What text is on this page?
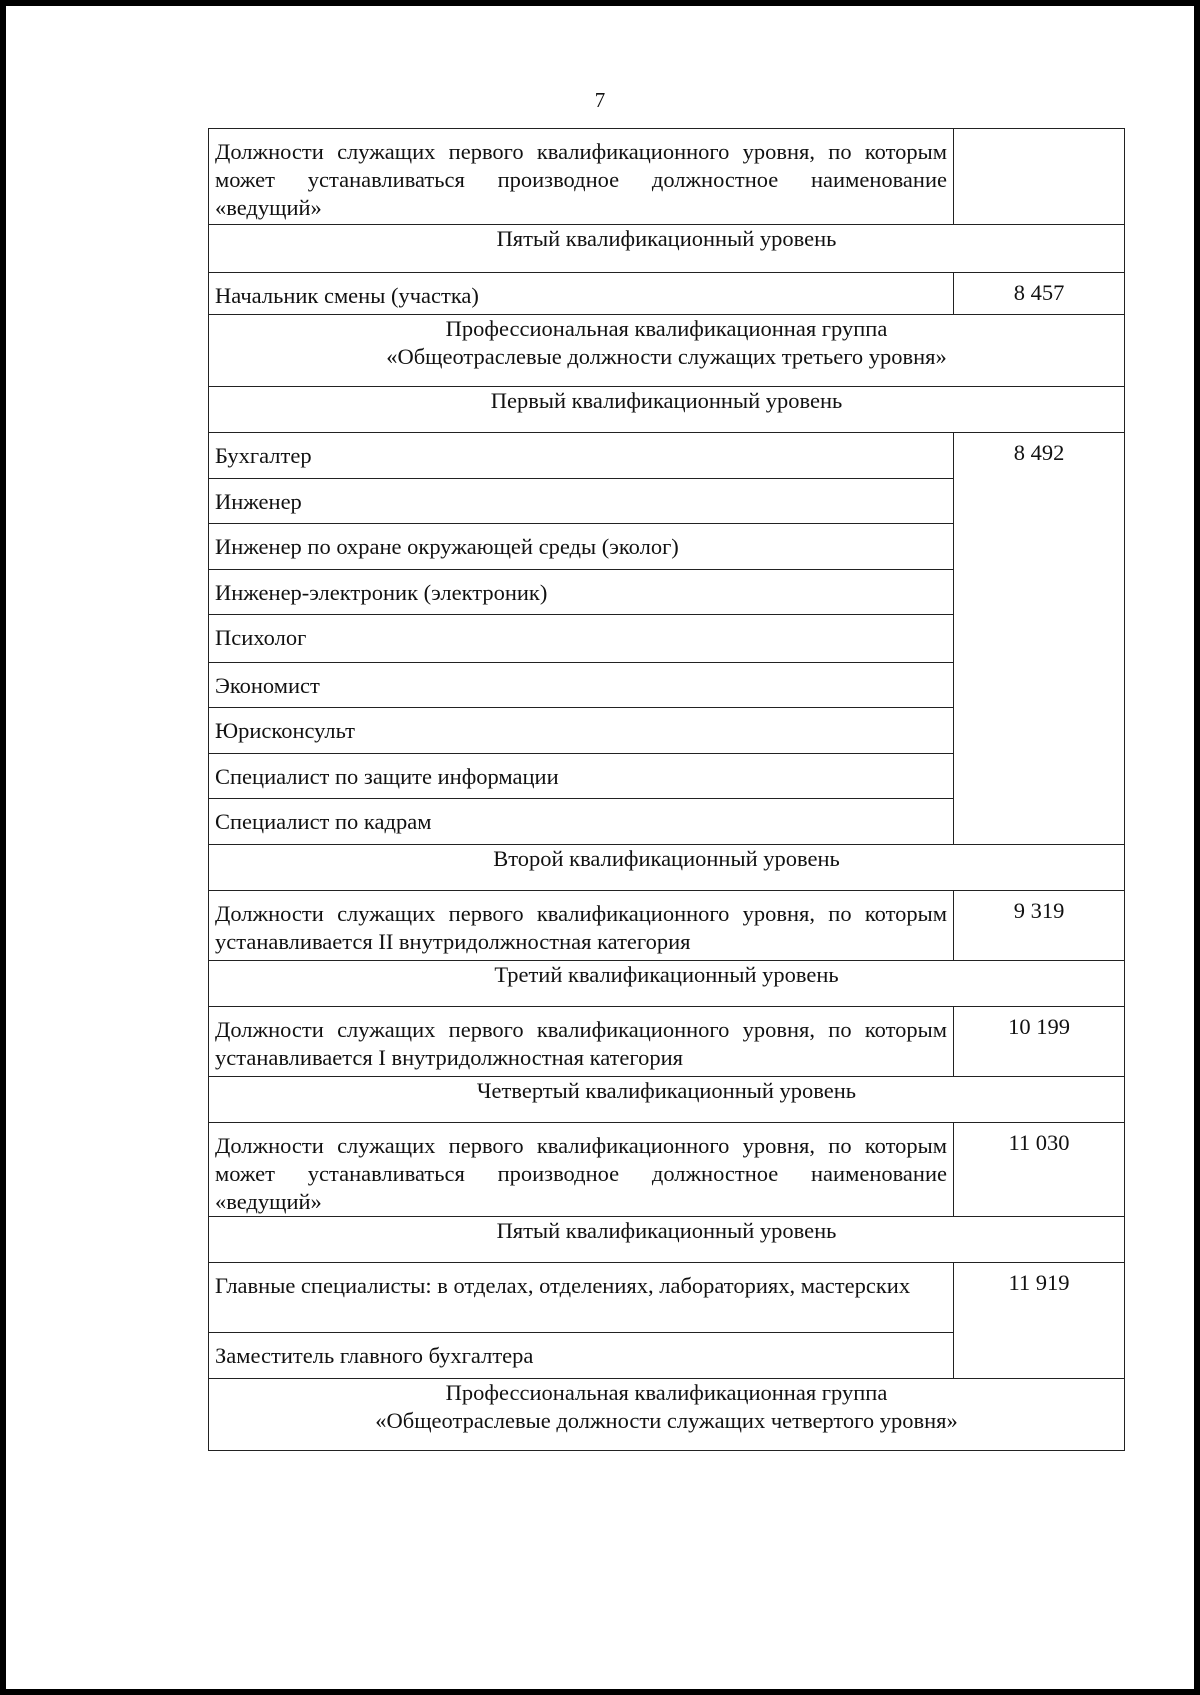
7
Должности служащих первого квалификационного уровня, по которым может устанавливаться производное должностное наименование «ведущий»	

Пятый квалификационный уровень	

Начальник смены (участка)	8 457

Профессиональная квалификационная группа
«Общеотраслевые должности служащих третьего уровня»	

Первый квалификационный уровень	

Бухгалтер	8 492
Инженер	
Инженер по охране окружающей среды (эколог)	
Инженер-электроник (электроник)	
Психолог	
Экономист	
Юрисконсульт	
Специалист по защите информации	
Специалист по кадрам	

Второй квалификационный уровень	

Должности служащих первого квалификационного уровня, по которым устанавливается II внутридолжностная категория	9 319

Третий квалификационный уровень	

Должности служащих первого квалификационного уровня, по которым устанавливается I внутридолжностная категория	10 199

Четвертый квалификационный уровень	

Должности служащих первого квалификационного уровня, по которым может устанавливаться производное должностное наименование «ведущий»	11 030

Пятый квалификационный уровень	

Главные специалисты: в отделах, отделениях, лабораториях, мастерских	11 919
Заместитель главного бухгалтера	

Профессиональная квалификационная группа
«Общеотраслевые должности служащих четвертого уровня»	
